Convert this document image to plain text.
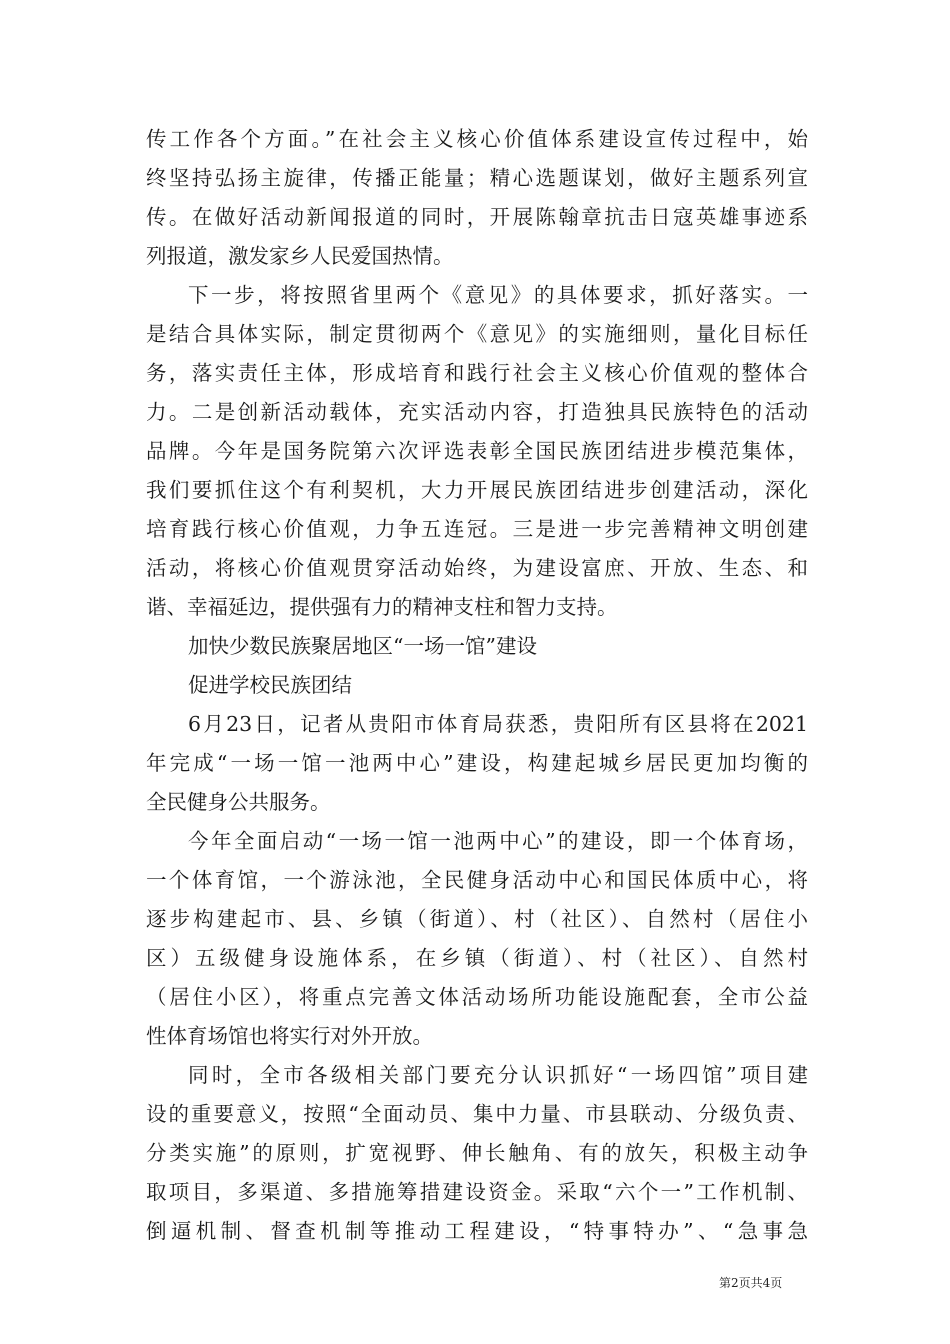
传工作各个方面。”在社会主义核心价值体系建设宣传过程中，始
终坚持弘扬主旋律，传播正能量；精心选题谋划，做好主题系列宣
传。在做好活动新闻报道的同时，开展陈翰章抗击日寇英雄事迹系
列报道，激发家乡人民爱国热情。
下一步，将按照省里两个《意见》的具体要求，抓好落实。一
是结合具体实际，制定贯彻两个《意见》的实施细则，量化目标任
务，落实责任主体，形成培育和践行社会主义核心价值观的整体合
力。二是创新活动载体，充实活动内容，打造独具民族特色的活动
品牌。今年是国务院第六次评选表彰全国民族团结进步模范集体，
我们要抓住这个有利契机，大力开展民族团结进步创建活动，深化
培育践行核心价值观，力争五连冠。三是进一步完善精神文明创建
活动，将核心价值观贯穿活动始终，为建设富庶、开放、生态、和
谐、幸福延边，提供强有力的精神支柱和智力支持。
加快少数民族聚居地区“一场一馆”建设
促进学校民族团结
6月23日，记者从贵阳市体育局获悉，贵阳所有区县将在2021
年完成“一场一馆一池两中心”建设，构建起城乡居民更加均衡的
全民健身公共服务。
今年全面启动“一场一馆一池两中心”的建设，即一个体育场，
一个体育馆，一个游泳池，全民健身活动中心和国民体质中心，将
逐步构建起市、县、乡镇（街道）、村（社区）、自然村（居住小
区）五级健身设施体系，在乡镇（街道）、村（社区）、自然村
（居住小区），将重点完善文体活动场所功能设施配套，全市公益
性体育场馆也将实行对外开放。
同时，全市各级相关部门要充分认识抓好“一场四馆”项目建
设的重要意义，按照“全面动员、集中力量、市县联动、分级负责、
分类实施”的原则，扩宽视野、伸长触角、有的放矢，积极主动争
取项目，多渠道、多措施筹措建设资金。采取“六个一”工作机制、
倒逼机制、督查机制等推动工程建设，“特事特办”、“急事急
第2页共4页
